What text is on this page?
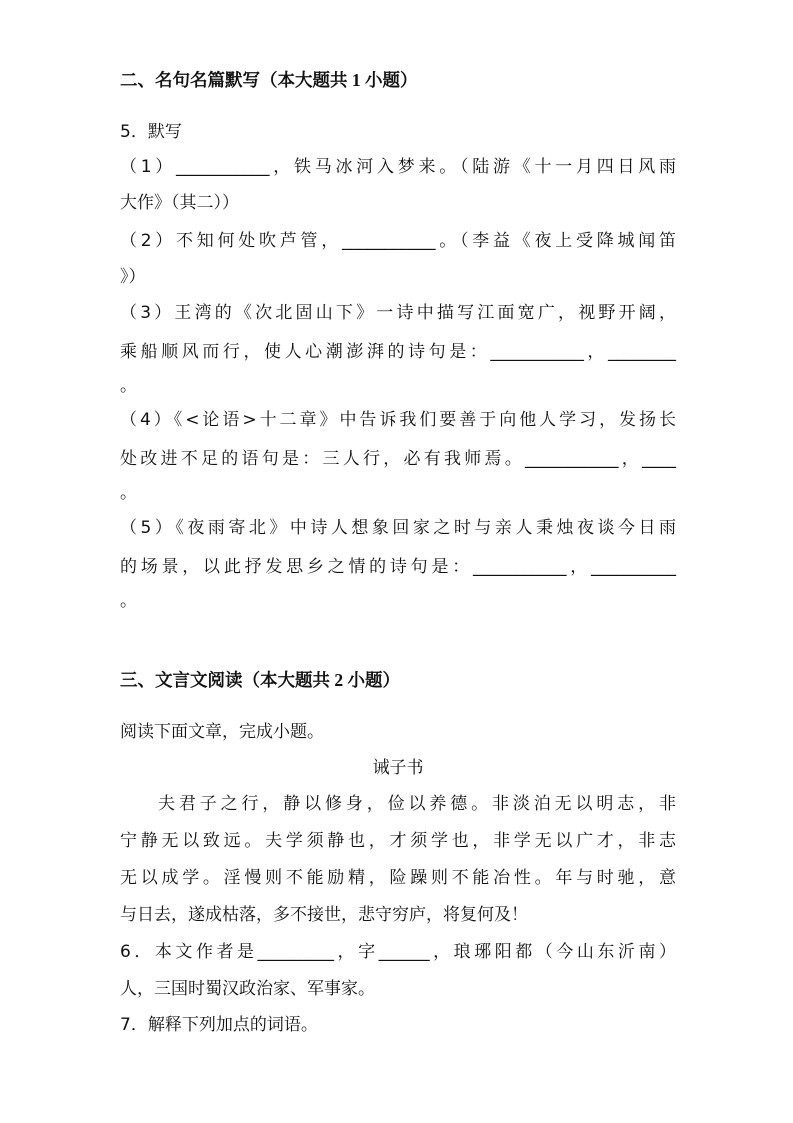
二、名句名篇默写（本大题共 1 小题）
5．默写
（1）___________，铁马冰河入梦来。（陆游《十一月四日风雨
大作》（其二））
（2）不知何处吹芦管，___________。（李益《夜上受降城闻笛
》）
（3）王湾的《次北固山下》一诗中描写江面宽广，视野开阔，
乘船顺风而行，使人心潮澎湃的诗句是：___________，________
。
（4）《<论语>十二章》中告诉我们要善于向他人学习，发扬长
处改进不足的语句是：三人行，必有我师焉。___________，____
。
（5）《夜雨寄北》中诗人想象回家之时与亲人秉烛夜谈今日雨
的场景，以此抒发思乡之情的诗句是：___________，__________
。
三、文言文阅读（本大题共 2 小题）
阅读下面文章，完成小题。
诫子书
夫君子之行，静以修身，俭以养德。非淡泊无以明志，非
宁静无以致远。夫学须静也，才须学也，非学无以广才，非志
无以成学。淫慢则不能励精，险躁则不能冶性。年与时驰，意
与日去，遂成枯落，多不接世，悲守穷庐，将复何及！
6．本文作者是_________，字______，琅琊阳都（今山东沂南）
人，三国时蜀汉政治家、军事家。
7．解释下列加点的词语。
